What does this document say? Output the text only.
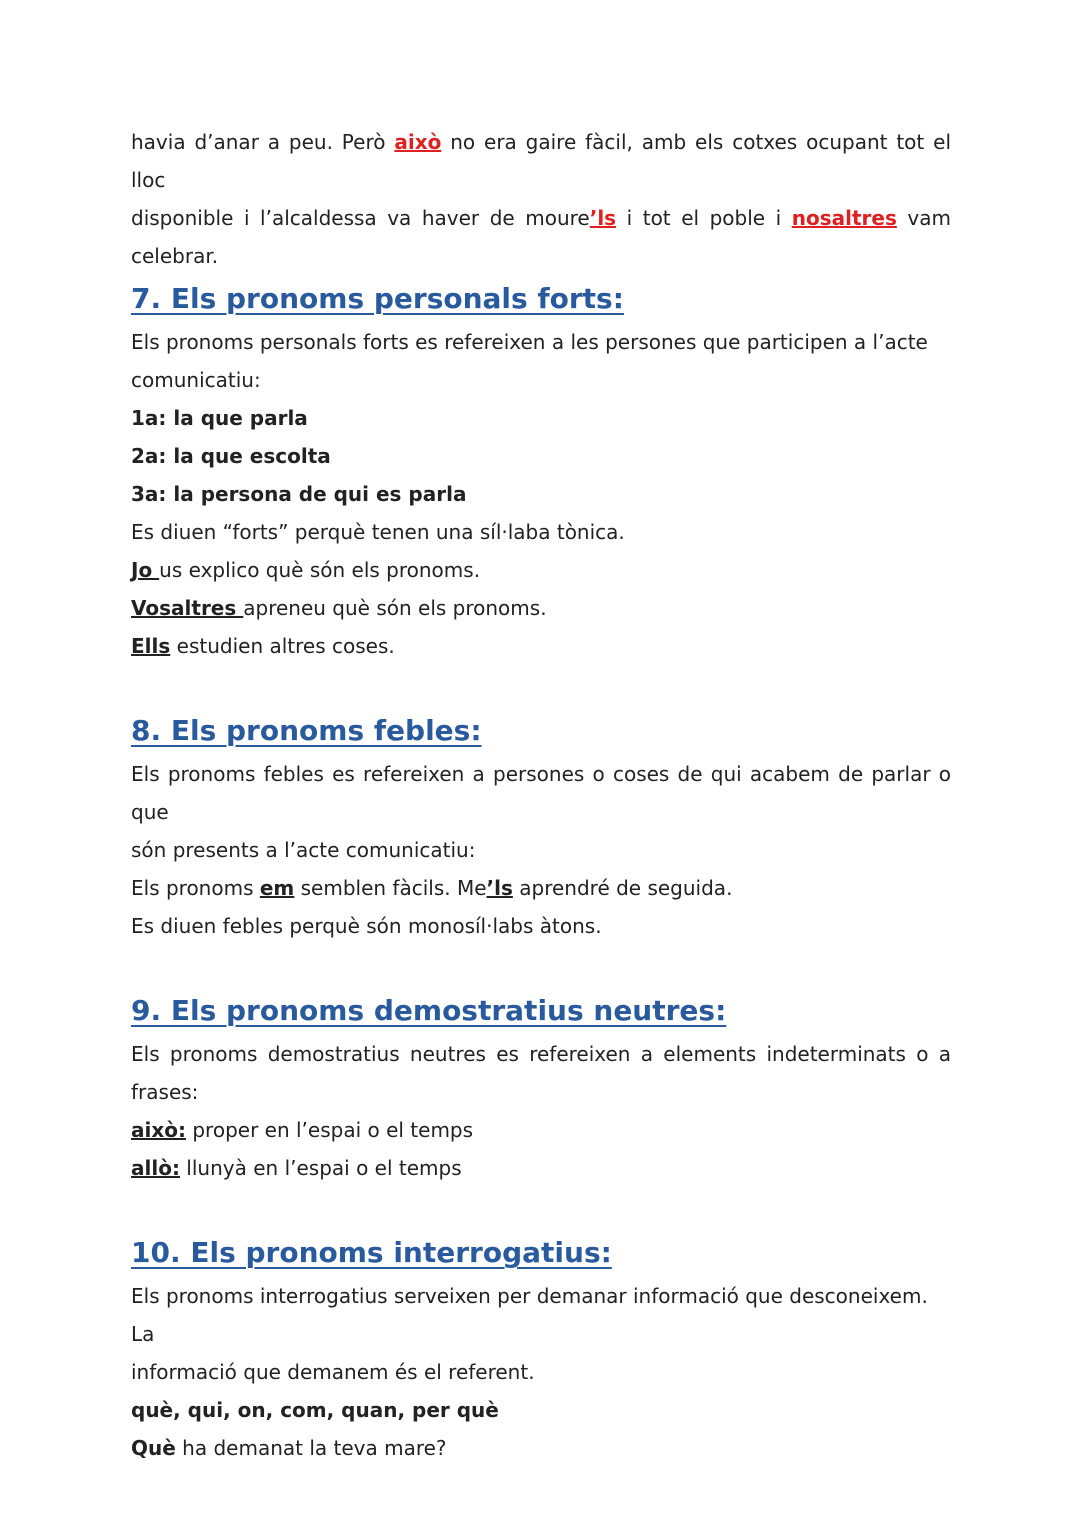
havia d’anar a peu. Però això no era gaire fàcil, amb els cotxes ocupant tot el lloc

disponible i l’alcaldessa va haver de moure’ls i tot el poble i nosaltres vam

celebrar.

7. Els pronoms personals forts:

Els pronoms personals forts es refereixen a les persones que participen a l’acte

comunicatiu:

1a: la que parla

2a: la que escolta

3a: la persona de qui es parla

Es diuen “forts” perquè tenen una síl·laba tònica.

Jo us explico què són els pronoms.

Vosaltres apreneu què són els pronoms.

Ells estudien altres coses.

8. Els pronoms febles:

Els pronoms febles es refereixen a persones o coses de qui acabem de parlar o que

són presents a l’acte comunicatiu:

Els pronoms em semblen fàcils. Me’ls aprendré de seguida.

Es diuen febles perquè són monosíl·labs àtons.

9. Els pronoms demostratius neutres:

Els pronoms demostratius neutres es refereixen a elements indeterminats o a

frases:

això: proper en l’espai o el temps

allò: llunyà en l’espai o el temps

10. Els pronoms interrogatius:

Els pronoms interrogatius serveixen per demanar informació que desconeixem. La

informació que demanem és el referent.

què, qui, on, com, quan, per què

Què ha demanat la teva mare?
